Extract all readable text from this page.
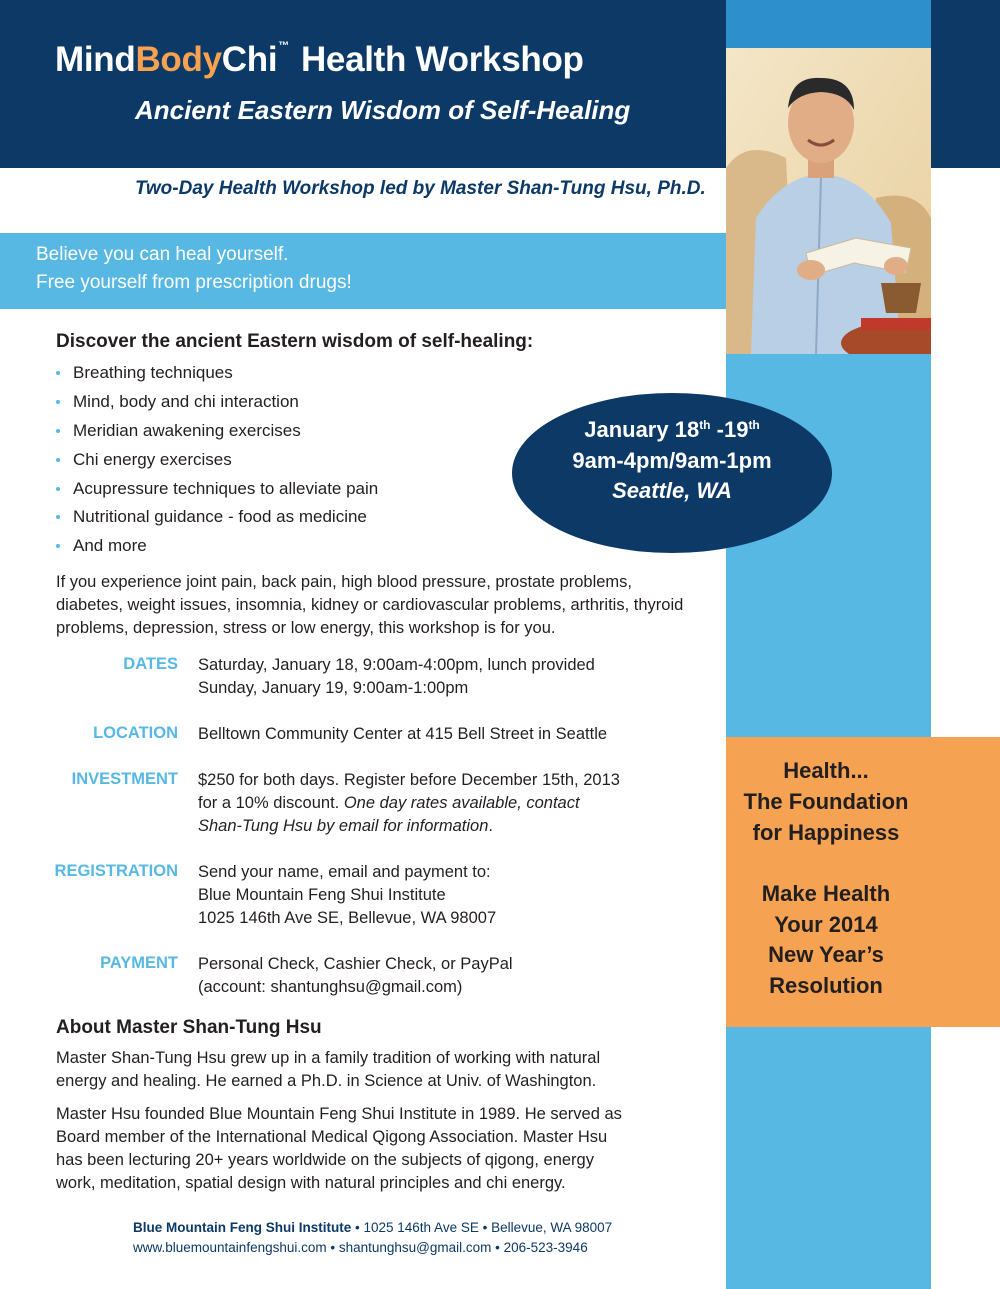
MindBodyChi™ Health Workshop
Ancient Eastern Wisdom of Self-Healing
Two-Day Health Workshop led by Master Shan-Tung Hsu, Ph.D.
Believe you can heal yourself.
Free yourself from prescription drugs!
Discover the ancient Eastern wisdom of self-healing:
Breathing techniques
Mind, body and chi interaction
Meridian awakening exercises
Chi energy exercises
Acupressure techniques to alleviate pain
Nutritional guidance - food as medicine
And more
January 18th -19th
9am-4pm/9am-1pm
Seattle, WA
If you experience joint pain, back pain, high blood pressure, prostate problems, diabetes, weight issues, insomnia, kidney or cardiovascular problems, arthritis, thyroid problems, depression, stress or low energy, this workshop is for you.
DATES Saturday, January 18, 9:00am-4:00pm, lunch provided
Sunday, January 19, 9:00am-1:00pm
LOCATION Belltown Community Center at 415 Bell Street in Seattle
INVESTMENT $250 for both days. Register before December 15th, 2013
for a 10% discount. One day rates available, contact
Shan-Tung Hsu by email for information.
REGISTRATION Send your name, email and payment to:
Blue Mountain Feng Shui Institute
1025 146th Ave SE, Bellevue, WA 98007
PAYMENT Personal Check, Cashier Check, or PayPal
(account: shantunghsu@gmail.com)
About Master Shan-Tung Hsu
Master Shan-Tung Hsu grew up in a family tradition of working with natural
energy and healing. He earned a Ph.D. in Science at Univ. of Washington.
Master Hsu founded Blue Mountain Feng Shui Institute in 1989. He served as
Board member of the International Medical Qigong Association. Master Hsu
has been lecturing 20+ years worldwide on the subjects of qigong, energy
work, meditation, spatial design with natural principles and chi energy.
Blue Mountain Feng Shui Institute • 1025 146th Ave SE • Bellevue, WA 98007
www.bluemountainfengshui.com • shantunghsu@gmail.com • 206-523-3946
Health...
The Foundation
for Happiness
Make Health
Your 2014
New Year’s
Resolution
